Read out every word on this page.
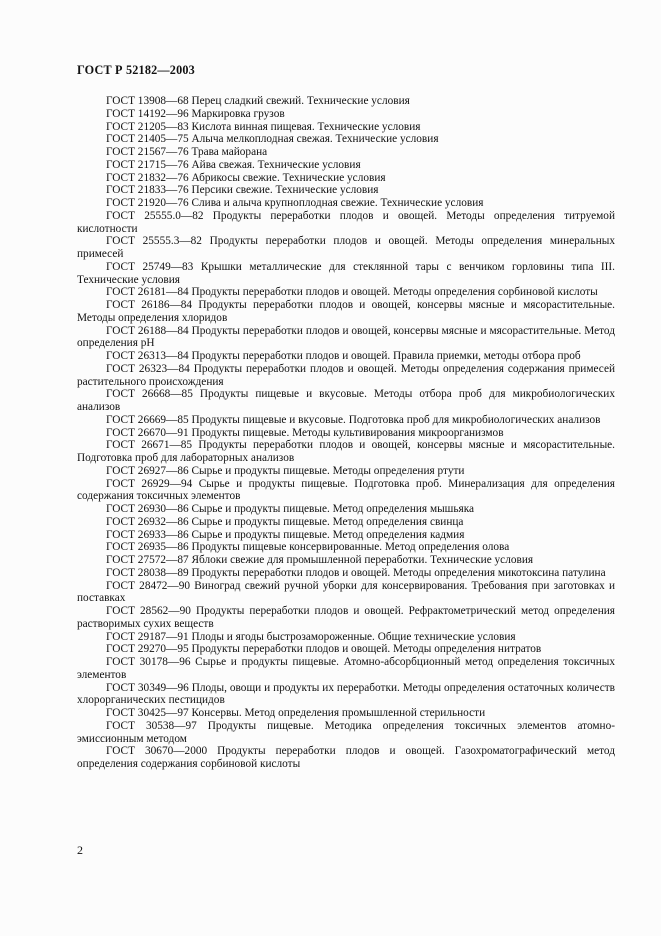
ГОСТ Р 52182—2003

ГОСТ 13908—68 Перец сладкий свежий. Технические условия

ГОСТ 14192—96 Маркировка грузов

ГОСТ 21205—83 Кислота винная пищевая. Технические условия

ГОСТ 21405—75 Алыча мелкоплодная свежая. Технические условия

ГОСТ 21567—76 Трава майорана

ГОСТ 21715—76 Айва свежая. Технические условия

ГОСТ 21832—76 Абрикосы свежие. Технические условия

ГОСТ 21833—76 Персики свежие. Технические условия

ГОСТ 21920—76 Слива и алыча крупноплодная свежие. Технические условия

ГОСТ 25555.0—82 Продукты переработки плодов и овощей. Методы определения титруемой кислотности

ГОСТ 25555.3—82 Продукты переработки плодов и овощей. Методы определения минеральных примесей

ГОСТ 25749—83 Крышки металлические для стеклянной тары с венчиком горловины типа III. Технические условия

ГОСТ 26181—84 Продукты переработки плодов и овощей. Методы определения сорбиновой кислоты

ГОСТ 26186—84 Продукты переработки плодов и овощей, консервы мясные и мясорастительные. Методы определения хлоридов

ГОСТ 26188—84 Продукты переработки плодов и овощей, консервы мясные и мясорастительные. Метод определения pH

ГОСТ 26313—84 Продукты переработки плодов и овощей. Правила приемки, методы отбора проб

ГОСТ 26323—84 Продукты переработки плодов и овощей. Методы определения содержания примесей растительного происхождения

ГОСТ 26668—85 Продукты пищевые и вкусовые. Методы отбора проб для микробиологических анализов

ГОСТ 26669—85 Продукты пищевые и вкусовые. Подготовка проб для микробиологических анализов

ГОСТ 26670—91 Продукты пищевые. Методы культивирования микроорганизмов

ГОСТ 26671—85 Продукты переработки плодов и овощей, консервы мясные и мясорастительные. Подготовка проб для лабораторных анализов

ГОСТ 26927—86 Сырье и продукты пищевые. Методы определения ртути

ГОСТ 26929—94 Сырье и продукты пищевые. Подготовка проб. Минерализация для определения содержания токсичных элементов

ГОСТ 26930—86 Сырье и продукты пищевые. Метод определения мышьяка

ГОСТ 26932—86 Сырье и продукты пищевые. Метод определения свинца

ГОСТ 26933—86 Сырье и продукты пищевые. Метод определения кадмия

ГОСТ 26935—86 Продукты пищевые консервированные. Метод определения олова

ГОСТ 27572—87 Яблоки свежие для промышленной переработки. Технические условия

ГОСТ 28038—89 Продукты переработки плодов и овощей. Методы определения микотоксина патулина

ГОСТ 28472—90 Виноград свежий ручной уборки для консервирования. Требования при заготовках и поставках

ГОСТ 28562—90 Продукты переработки плодов и овощей. Рефрактометрический метод определения растворимых сухих веществ

ГОСТ 29187—91 Плоды и ягоды быстрозамороженные. Общие технические условия

ГОСТ 29270—95 Продукты переработки плодов и овощей. Методы определения нитратов

ГОСТ 30178—96 Сырье и продукты пищевые. Атомно-абсорбционный метод определения токсичных элементов

ГОСТ 30349—96 Плоды, овощи и продукты их переработки. Методы определения остаточных количеств хлорорганических пестицидов

ГОСТ 30425—97 Консервы. Метод определения промышленной стерильности

ГОСТ 30538—97 Продукты пищевые. Методика определения токсичных элементов атомно-эмиссионным методом

ГОСТ 30670—2000 Продукты переработки плодов и овощей. Газохроматографический метод определения содержания сорбиновой кислоты

2
